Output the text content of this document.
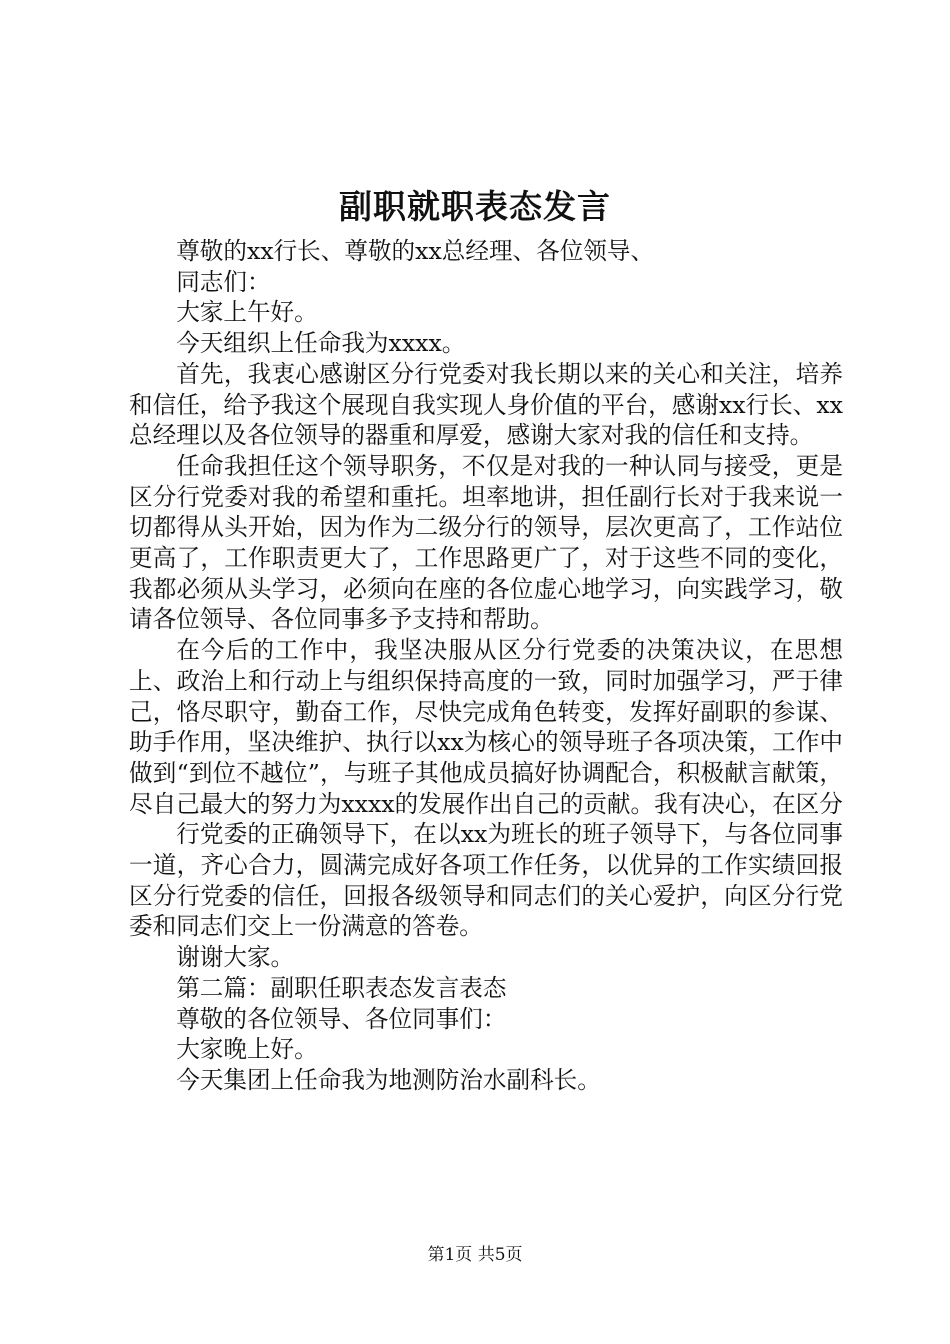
副职就职表态发言

尊敬的xx行长、尊敬的xx总经理、各位领导、

同志们：

大家上午好。

今天组织上任命我为xxxx。

首先，我衷心感谢区分行党委对我长期以来的关心和关注，培养和信任，给予我这个展现自我实现人身价值的平台，感谢xx行长、xx总经理以及各位领导的器重和厚爱，感谢大家对我的信任和支持。

任命我担任这个领导职务，不仅是对我的一种认同与接受，更是区分行党委对我的希望和重托。坦率地讲，担任副行长对于我来说一切都得从头开始，因为作为二级分行的领导，层次更高了，工作站位更高了，工作职责更大了，工作思路更广了，对于这些不同的变化，我都必须从头学习，必须向在座的各位虚心地学习，向实践学习，敬请各位领导、各位同事多予支持和帮助。

在今后的工作中，我坚决服从区分行党委的决策决议，在思想上、政治上和行动上与组织保持高度的一致，同时加强学习，严于律己，恪尽职守，勤奋工作，尽快完成角色转变，发挥好副职的参谋、助手作用，坚决维护、执行以xx为核心的领导班子各项决策，工作中做到“到位不越位”，与班子其他成员搞好协调配合，积极献言献策，尽自己最大的努力为xxxx的发展作出自己的贡献。我有决心，在区分

行党委的正确领导下，在以xx为班长的班子领导下，与各位同事一道，齐心合力，圆满完成好各项工作任务，以优异的工作实绩回报区分行党委的信任，回报各级领导和同志们的关心爱护，向区分行党委和同志们交上一份满意的答卷。

谢谢大家。

第二篇：副职任职表态发言表态

尊敬的各位领导、各位同事们：

大家晚上好。

今天集团上任命我为地测防治水副科长。

第1页 共5页
